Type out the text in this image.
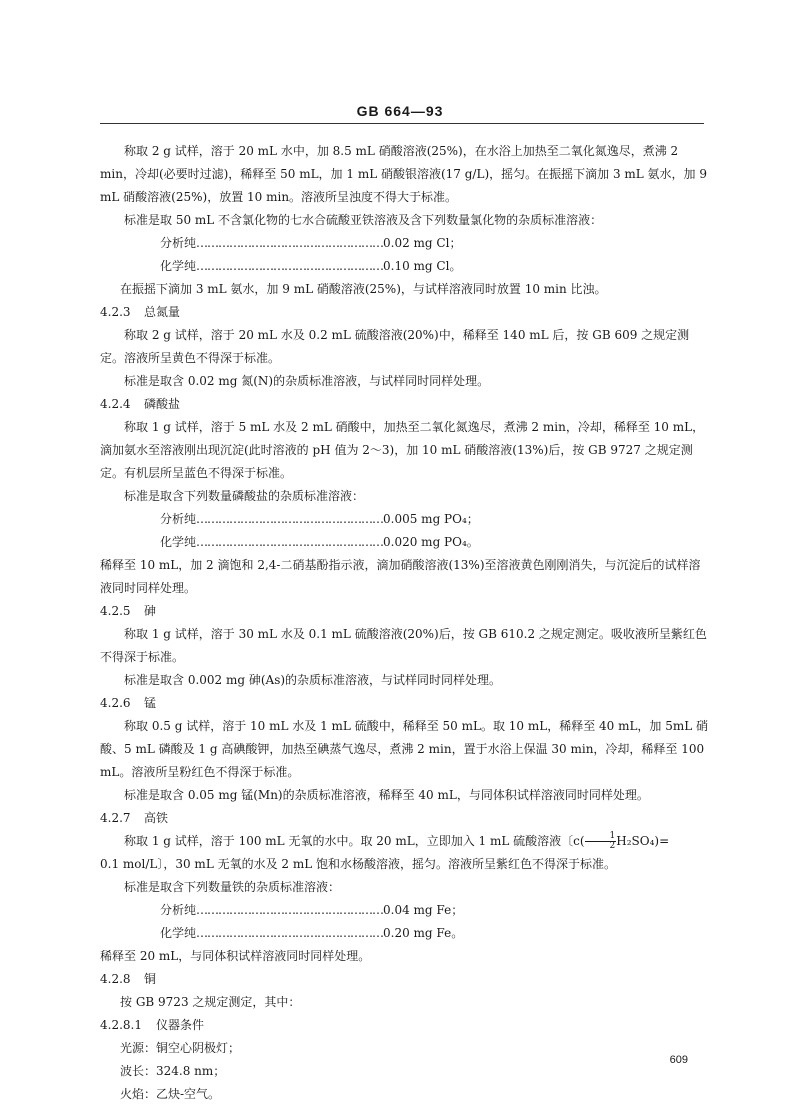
GB 664—93

称取 2 g 试样，溶于 20 mL 水中，加 8.5 mL 硝酸溶液(25%)，在水浴上加热至二氧化氮逸尽，煮沸 2 min，冷却(必要时过滤)，稀释至 50 mL，加 1 mL 硝酸银溶液(17 g/L)，摇匀。在振摇下滴加 3 mL 氨水，加 9 mL 硝酸溶液(25%)，放置 10 min。溶液所呈浊度不得大于标准。

标准是取 50 mL 不含氯化物的七水合硫酸亚铁溶液及含下列数量氯化物的杂质标准溶液：

分析纯……………………………………………0.02 mg Cl；

化学纯……………………………………………0.10 mg Cl。

在振摇下滴加 3 mL 氨水，加 9 mL 硝酸溶液(25%)，与试样溶液同时放置 10 min 比浊。

4.2.3 总氮量

称取 2 g 试样，溶于 20 mL 水及 0.2 mL 硫酸溶液(20%)中，稀释至 140 mL 后，按 GB 609 之规定测定。溶液所呈黄色不得深于标准。

标准是取含 0.02 mg 氮(N)的杂质标准溶液，与试样同时同样处理。

4.2.4 磷酸盐

称取 1 g 试样，溶于 5 mL 水及 2 mL 硝酸中，加热至二氧化氮逸尽，煮沸 2 min，冷却，稀释至 10 mL，滴加氨水至溶液刚出现沉淀(此时溶液的 pH 值为 2～3)，加 10 mL 硝酸溶液(13%)后，按 GB 9727 之规定测定。有机层所呈蓝色不得深于标准。

标准是取含下列数量磷酸盐的杂质标准溶液：

分析纯……………………………………………0.005 mg PO₄；

化学纯……………………………………………0.020 mg PO₄。

稀释至 10 mL，加 2 滴饱和 2,4-二硝基酚指示液，滴加硝酸溶液(13%)至溶液黄色刚刚消失，与沉淀后的试样溶液同时同样处理。

4.2.5 砷

称取 1 g 试样，溶于 30 mL 水及 0.1 mL 硫酸溶液(20%)后，按 GB 610.2 之规定测定。吸收液所呈紫红色不得深于标准。

标准是取含 0.002 mg 砷(As)的杂质标准溶液，与试样同时同样处理。

4.2.6 锰

称取 0.5 g 试样，溶于 10 mL 水及 1 mL 硫酸中，稀释至 50 mL。取 10 mL，稀释至 40 mL，加 5mL 硝酸、5 mL 磷酸及 1 g 高碘酸钾，加热至碘蒸气逸尽，煮沸 2 min，置于水浴上保温 30 min，冷却，稀释至 100 mL。溶液所呈粉红色不得深于标准。

标准是取含 0.05 mg 锰(Mn)的杂质标准溶液，稀释至 40 mL，与同体积试样溶液同时同样处理。

4.2.7 高铁

称取 1 g 试样，溶于 100 mL 无氧的水中。取 20 mL，立即加入 1 mL 硫酸溶液〔$c( \frac{1}{2} H_2SO_4)=$

0.1 mol/L〕，30 mL 无氧的水及 2 mL 饱和水杨酸溶液，摇匀。溶液所呈紫红色不得深于标准。

标准是取含下列数量铁的杂质标准溶液：

分析纯……………………………………………0.04 mg Fe；

化学纯……………………………………………0.20 mg Fe。

稀释至 20 mL，与同体积试样溶液同时同样处理。

4.2.8 铜

按 GB 9723 之规定测定，其中：

4.2.8.1 仪器条件

光源：铜空心阴极灯；

波长：324.8 nm；

火焰：乙炔-空气。

609
